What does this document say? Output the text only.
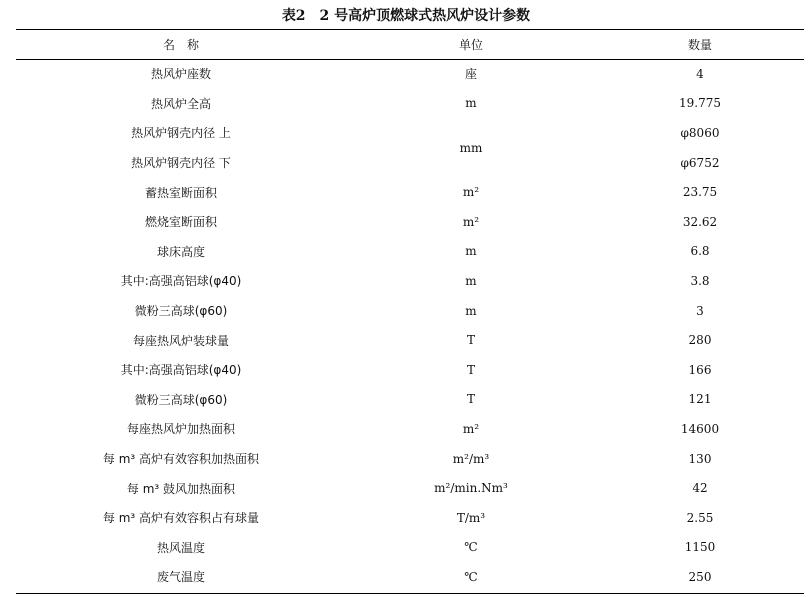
表2　2 号高炉顶燃球式热风炉设计参数
名　称	单位	数量
热风炉座数	座	4
热风炉全高	m	19.775
热风炉钢壳内径 上	mm	φ8060
热风炉钢壳内径 下		φ6752
蓄热室断面积	m²	23.75
燃烧室断面积	m²	32.62
球床高度	m	6.8
其中:高强高铝球(φ40)	m	3.8
微粉三高球(φ60)	m	3
每座热风炉装球量	T	280
其中:高强高铝球(φ40)	T	166
微粉三高球(φ60)	T	121
每座热风炉加热面积	m²	14600
每 m³ 高炉有效容积加热面积	m²/m³	130
每 m³ 鼓风加热面积	m²/min.Nm³	42
每 m³ 高炉有效容积占有球量	T/m³	2.55
热风温度	℃	1150
废气温度	℃	250
